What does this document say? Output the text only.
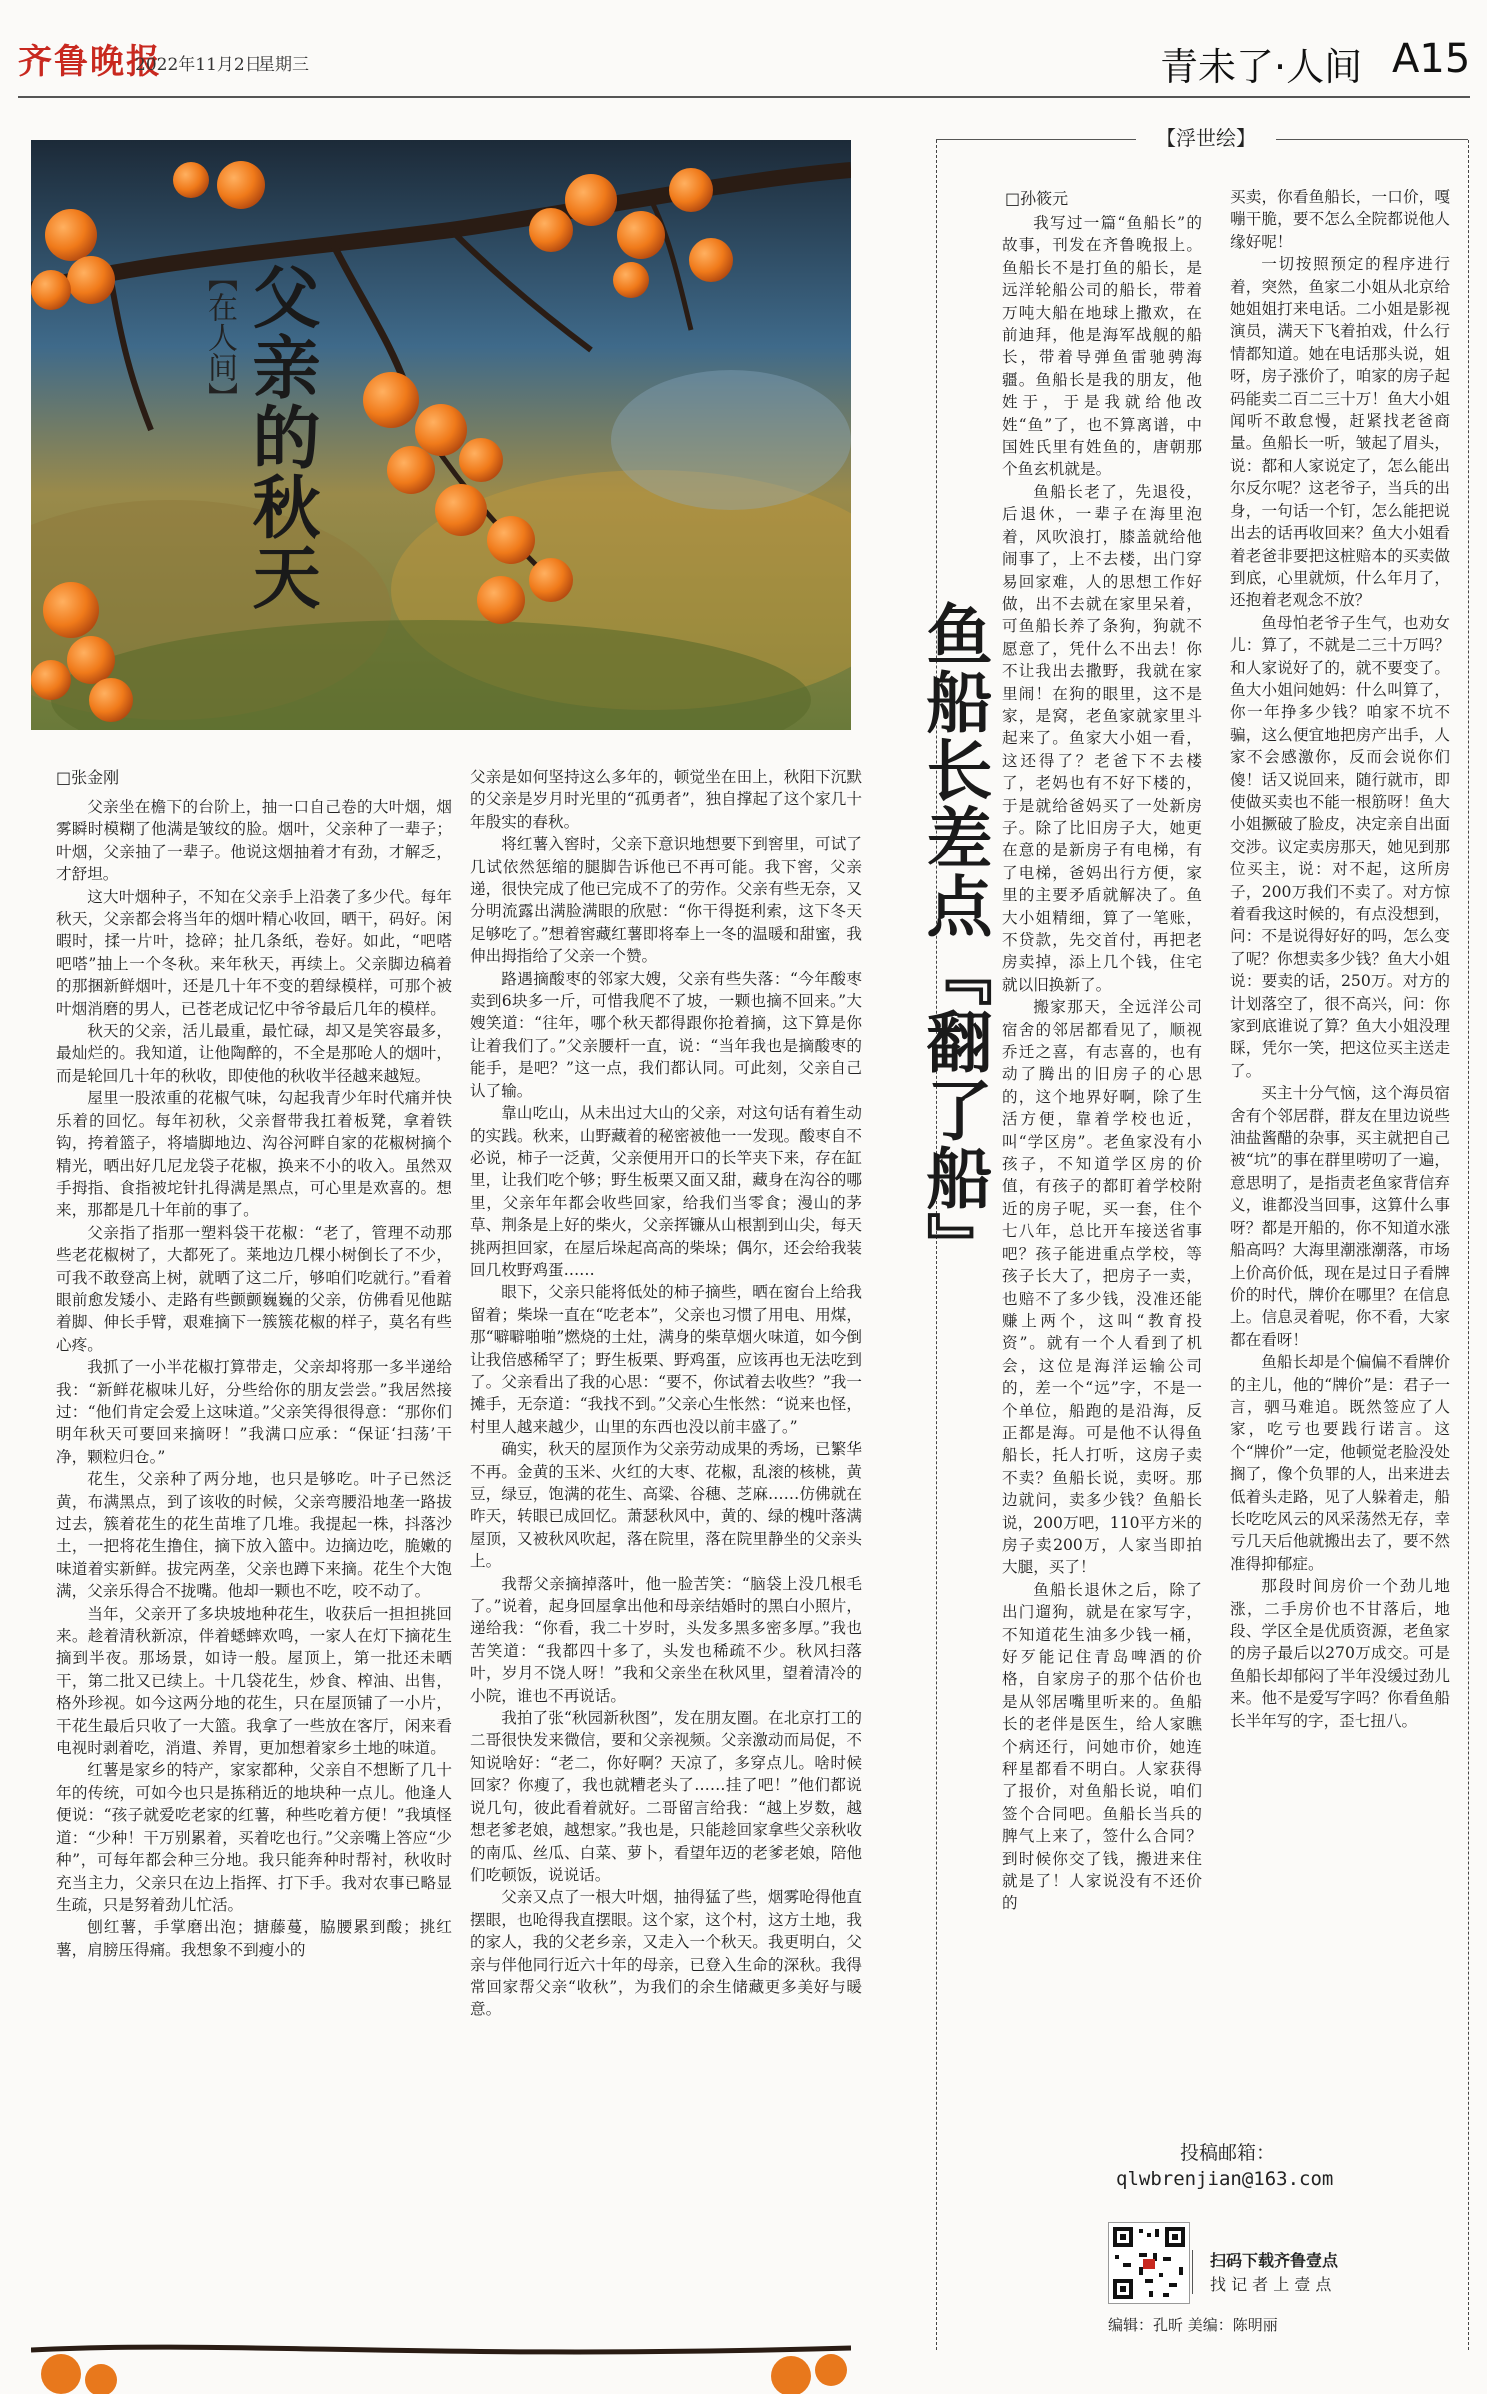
齐鲁晚报
2022年11月2日
星期三	青未了·人间 A15
【在人间】 父亲的秋天
□张金刚

父亲坐在檐下的台阶上，抽一口自己卷的大叶烟，烟雾瞬时模糊了他满是皱纹的脸。烟叶，父亲种了一辈子；叶烟，父亲抽了一辈子。他说这烟抽着才有劲，才解乏，才舒坦。

这大叶烟种子，不知在父亲手上沿袭了多少代。每年秋天，父亲都会将当年的烟叶精心收回，晒干，码好。闲暇时，揉一片叶，捻碎；扯几条纸，卷好。如此，“吧嗒吧嗒”抽上一个冬秋。来年秋天，再续上。父亲脚边稿着的那捆新鲜烟叶，还是几十年不变的碧绿模样，可那个被叶烟消磨的男人，已苍老成记忆中爷爷最后几年的模样。

秋天的父亲，活儿最重，最忙碌，却又是笑容最多，最灿烂的。我知道，让他陶醉的，不全是那呛人的烟叶，而是轮回几十年的秋收，即使他的秋收半径越来越短。

屋里一股浓重的花椒气味，勾起我青少年时代痛并快乐着的回忆。每年初秋，父亲督带我扛着板凳，拿着铁钩，挎着篮子，将墙脚地边、沟谷河畔自家的花椒树摘个精光，晒出好几尼龙袋子花椒，换来不小的收入。虽然双手拇指、食指被坨针扎得满是黑点，可心里是欢喜的。想来，那都是几十年前的事了。

父亲指了指那一塑料袋干花椒：“老了，管理不动那些老花椒树了，大都死了。莱地边几棵小树倒长了不少，可我不敢登高上树，就晒了这二斤，够咱们吃就行。”看着眼前愈发矮小、走路有些颤颤巍巍的父亲，仿佛看见他踮着脚、伸长手臂，艰难摘下一簇簇花椒的样子，莫名有些心疼。

我抓了一小半花椒打算带走，父亲却将那一多半递给我：“新鲜花椒味儿好，分些给你的朋友尝尝。”我居然接过：“他们肯定会爱上这味道。”父亲笑得很得意：“那你们明年秋天可要回来摘呀！”我满口应承：“保证‘扫荡’干净，颗粒归仓。”

花生，父亲种了两分地，也只是够吃。叶子已然泛黄，布满黑点，到了该收的时候，父亲弯腰沿地垄一路拔过去，簇着花生的花生苗堆了几堆。我提起一株，抖落沙土，一把将花生撸住，摘下放入篮中。边摘边吃，脆嫩的味道着实新鲜。拔完两垄，父亲也蹲下来摘。花生个大饱满，父亲乐得合不拢嘴。他却一颗也不吃，咬不动了。

当年，父亲开了多块坡地种花生，收获后一担担挑回来。趁着清秋新凉，伴着蟋蟀欢鸣，一家人在灯下摘花生摘到半夜。那场景，如诗一般。屋顶上，第一批还未晒干，第二批又已续上。十几袋花生，炒食、榨油、出售，格外珍视。如今这两分地的花生，只在屋顶铺了一小片，干花生最后只收了一大篮。我拿了一些放在客厅，闲来看电视时剥着吃，消遣、养胃，更加想着家乡土地的味道。

红薯是家乡的特产，家家都种，父亲自不想断了几十年的传统，可如今也只是拣稍近的地块种一点儿。他逢人便说：“孩子就爱吃老家的红薯，种些吃着方便！”我填怪道：“少种！干万别累着，买着吃也行。”父亲嘴上答应“少种”，可每年都会种三分地。我只能奔种时帮衬，秋收时充当主力，父亲只在边上指挥、打下手。我对农事已略显生疏，只是努着劲儿忙活。

刨红薯，手掌磨出泡；搪藤蔓，脇腰累到酸；挑红薯，肩膀压得痛。我想象不到瘦小的

父亲是如何坚持这么多年的，顿觉坐在田上，秋阳下沉默的父亲是岁月时光里的“孤勇者”，独自撑起了这个家几十年殷实的春秋。

将红薯入窖时，父亲下意识地想要下到窖里，可试了几试依然惩缩的腿脚告诉他已不再可能。我下窖，父亲递，很快完成了他已完成不了的劳作。父亲有些无奈，又分明流露出满脸满眼的欣慰：“你干得挺利索，这下冬天足够吃了。”想着窖藏红薯即将奉上一冬的温暖和甜蜜，我伸出拇指给了父亲一个赞。

路遇摘酸枣的邻家大嫂，父亲有些失落：“今年酸枣卖到6块多一斤，可惜我爬不了坡，一颗也摘不回来。”大嫂笑道：“往年，哪个秋天都得跟你抢着摘，这下算是你让着我们了。”父亲腰杆一直，说：“当年我也是摘酸枣的能手，是吧？”这一点，我们都认同。可此刻，父亲自己认了输。

靠山吃山，从未出过大山的父亲，对这句话有着生动的实践。秋来，山野藏着的秘密被他一一发现。酸枣自不必说，柿子一泛黄，父亲便用开口的长竿夹下来，存在缸里，让我们吃个够；野生板栗又面又甜，藏身在沟谷的哪里，父亲年年都会收些回家，给我们当零食；漫山的茅草、荆条是上好的柴火，父亲挥镰从山根割到山尖，每天挑两担回家，在屋后垛起高高的柴垛；偶尔，还会给我装回几枚野鸡蛋……

眼下，父亲只能将低处的柿子摘些，晒在窗台上给我留着；柴垛一直在“吃老本”，父亲也习惯了用电、用煤，那“噼噼啪啪”燃烧的土灶，满身的柴草烟火味道，如今倒让我倍感稀罕了；野生板栗、野鸡蛋，应该再也无法吃到了。父亲看出了我的心思：“要不，你试着去收些？”我一摊手，无奈道：“我找不到。”父亲心生怅然：“说来也怪，村里人越来越少，山里的东西也没以前丰盛了。”

确实，秋天的屋顶作为父亲劳动成果的秀场，已繁华不再。金黄的玉米、火红的大枣、花椒，乱滚的核桃，黄豆，绿豆，饱满的花生、高粱、谷穗、芝麻……仿佛就在昨天，转眼已成回忆。萧瑟秋风中，黄的、绿的槐叶落满屋顶，又被秋风吹起，落在院里，落在院里静坐的父亲头上。

我帮父亲摘掉落叶，他一脸苦笑：“脑袋上没几根毛了。”说着，起身回屋拿出他和母亲结婚时的黑白小照片，递给我：“你看，我二十岁时，头发多黑多密多厚。”我也苦笑道：“我都四十多了，头发也稀疏不少。秋风扫落叶，岁月不饶人呀！”我和父亲坐在秋风里，望着清冷的小院，谁也不再说话。

我拍了张“秋园新秋图”，发在朋友圈。在北京打工的二哥很快发来微信，要和父亲视频。父亲激动而局促，不知说啥好：“老二，你好啊？天凉了，多穿点儿。啥时候回家？你瘦了，我也就糟老头了……挂了吧！”他们都说说几句，彼此看着就好。二哥留言给我：“越上岁数，越想老爹老娘，越想家。”我也是，只能趁回家拿些父亲秋收的南瓜、丝瓜、白菜、萝卜，看望年迈的老爹老娘，陪他们吃顿饭，说说话。

父亲又点了一根大叶烟，抽得猛了些，烟雾呛得他直摆眼，也呛得我直摆眼。这个家，这个村，这方土地，我的家人，我的父老乡亲，又走入一个秋天。我更明白，父亲与伴他同行近六十年的母亲，已登入生命的深秋。我得常回家帮父亲“收秋”，为我们的余生储藏更多美好与暖意。

【浮世绘】
鱼船长差点『翻了船』
□孙筱元

我写过一篇“鱼船长”的故事，刊发在齐鲁晚报上。鱼船长不是打鱼的船长，是远洋轮船公司的船长，带着万吨大船在地球上撒欢，在前迪拜，他是海军战舰的船长，带着导弹鱼雷驰骋海疆。鱼船长是我的朋友，他姓于，于是我就给他改姓“鱼”了，也不算离谱，中国姓氏里有姓鱼的，唐朝那个鱼玄机就是。

鱼船长老了，先退役，后退休，一辈子在海里泡着，风吹浪打，膝盖就给他闹事了，上不去楼，出门穿易回家难，人的思想工作好做，出不去就在家里呆着，可鱼船长养了条狗，狗就不愿意了，凭什么不出去！你不让我出去撒野，我就在家里闹！在狗的眼里，这不是家，是窝，老鱼家就家里斗起来了。鱼家大小姐一看，这还得了？老爸下不去楼了，老妈也有不好下楼的，于是就给爸妈买了一处新房子。除了比旧房子大，她更在意的是新房子有电梯，有了电梯，爸妈出行方便，家里的主要矛盾就解决了。鱼大小姐精细，算了一笔账，不贷款，先交首付，再把老房卖掉，添上几个钱，住宅就以旧换新了。

搬家那天，全远洋公司宿舍的邻居都看见了，顺视乔迁之喜，有志喜的，也有动了腾出的旧房子的心思的，这个地界好啊，除了生活方便，靠着学校也近，叫“学区房”。老鱼家没有小孩子，不知道学区房的价值，有孩子的都盯着学校附近的房子呢，买一套，住个七八年，总比开车接送省事吧？孩子能进重点学校，等孩子长大了，把房子一卖，也赔不了多少钱，没准还能赚上两个，这叫“教育投资”。就有一个人看到了机会，这位是海洋运输公司的，差一个“远”字，不是一个单位，船跑的是沿海，反正都是海。可是他不认得鱼船长，托人打听，这房子卖不卖？鱼船长说，卖呀。那边就问，卖多少钱？鱼船长说，200万吧，110平方米的房子卖200万，人家当即拍大腿，买了！

鱼船长退休之后，除了出门遛狗，就是在家写字，不知道花生油多少钱一桶，好歹能记住青岛啤酒的价格，自家房子的那个估价也是从邻居嘴里听来的。鱼船长的老伴是医生，给人家瞧个病还行，问她市价，她连秤星都看不明白。人家获得了报价，对鱼船长说，咱们签个合同吧。鱼船长当兵的脾气上来了，签什么合同？到时候你交了钱，搬进来住就是了！人家说没有不还价的

买卖，你看鱼船长，一口价，嘎嘣干脆，要不怎么全院都说他人缘好呢！

一切按照预定的程序进行着，突然，鱼家二小姐从北京给她姐姐打来电话。二小姐是影视演员，满天下飞着拍戏，什么行情都知道。她在电话那头说，姐呀，房子涨价了，咱家的房子起码能卖二百二三十万！鱼大小姐闻听不敢怠慢，赶紧找老爸商量。鱼船长一听，皱起了眉头，说：都和人家说定了，怎么能出尔反尔呢？这老爷子，当兵的出身，一句话一个钉，怎么能把说出去的话再收回来？鱼大小姐看着老爸非要把这桩赔本的买卖做到底，心里就烦，什么年月了，还抱着老观念不放？

鱼母怕老爷子生气，也劝女儿：算了，不就是二三十万吗？和人家说好了的，就不要变了。鱼大小姐问她妈：什么叫算了，你一年挣多少钱？咱家不坑不骗，这么便宜地把房产出手，人家不会感激你，反而会说你们傻！话又说回来，随行就市，即使做买卖也不能一根筋呀！鱼大小姐撅破了脸皮，决定亲自出面交涉。议定卖房那天，她见到那位买主，说：对不起，这所房子，200万我们不卖了。对方惊着看我这时候的，有点没想到，问：不是说得好好的吗，怎么变了呢？你想卖多少钱？鱼大小姐说：要卖的话，250万。对方的计划落空了，很不高兴，问：你家到底谁说了算？鱼大小姐没理睬，凭尔一笑，把这位买主送走了。

买主十分气恼，这个海员宿舍有个邻居群，群友在里边说些油盐酱醋的杂事，买主就把自己被“坑”的事在群里唠叨了一遍，意思明了，是指责老鱼家背信弃义，谁都没当回事，这算什么事呀？都是开船的，你不知道水涨船高吗？大海里潮涨潮落，市场上价高价低，现在是过日子看牌价的时代，牌价在哪里？在信息上。信息灵着呢，你不看，大家都在看呀！

鱼船长却是个偏偏不看牌价的主儿，他的“牌价”是：君子一言，驷马难追。既然签应了人家，吃亏也要践行诺言。这个“牌价”一定，他顿觉老脸没处搁了，像个负罪的人，出来进去低着头走路，见了人躲着走，船长吃吃风云的风采荡然无存，幸亏几天后他就搬出去了，要不然准得抑郁症。

那段时间房价一个劲儿地涨，二手房价也不甘落后，地段、学区全是优质资源，老鱼家的房子最后以270万成交。可是鱼船长却郁闷了半年没缓过劲儿来。他不是爱写字吗？你看鱼船长半年写的字，歪七扭八。

投稿邮箱：
qlwbrenjian@163.com
扫码下载齐鲁壹点
找 记 者 上 壹 点
编辑：孔昕 美编：陈明丽
